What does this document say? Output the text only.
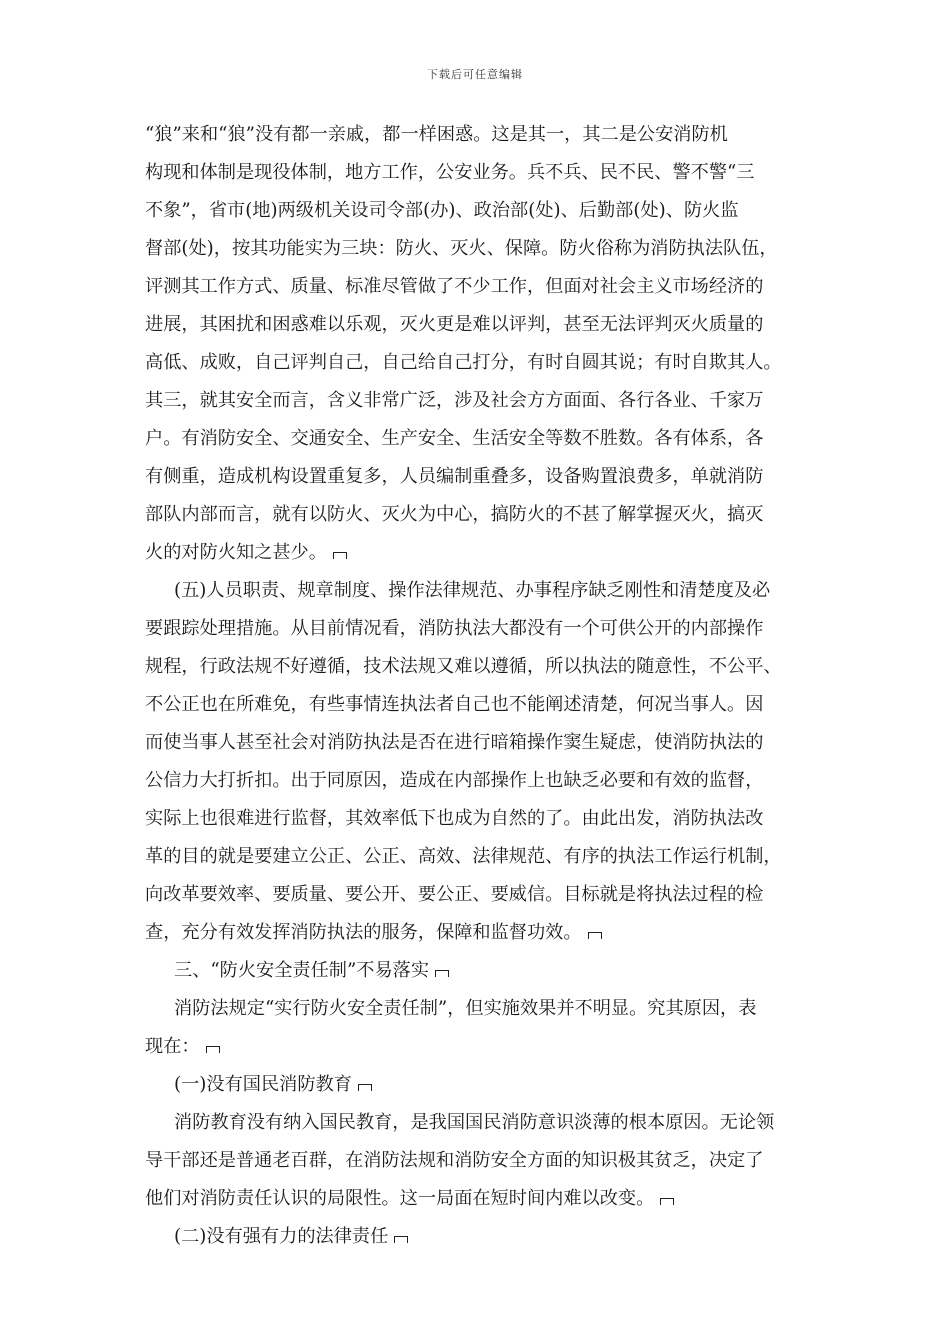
下载后可任意编辑
“狼”来和“狼”没有都一亲戚，都一样困惑。这是其一，其二是公安消防机
构现和体制是现役体制，地方工作，公安业务。兵不兵、民不民、警不警“三
不象”，省市(地)两级机关设司令部(办)、政治部(处)、后勤部(处)、防火监
督部(处)，按其功能实为三块：防火、灭火、保障。防火俗称为消防执法队伍，
评测其工作方式、质量、标准尽管做了不少工作，但面对社会主义市场经济的
进展，其困扰和困惑难以乐观，灭火更是难以评判，甚至无法评判灭火质量的
高低、成败，自己评判自己，自己给自己打分，有时自圆其说；有时自欺其人。
其三，就其安全而言，含义非常广泛，涉及社会方方面面、各行各业、千家万
户。有消防安全、交通安全、生产安全、生活安全等数不胜数。各有体系，各
有侧重，造成机构设置重复多，人员编制重叠多，设备购置浪费多，单就消防
部队内部而言，就有以防火、灭火为中心，搞防火的不甚了解掌握灭火，搞灭
火的对防火知之甚少。
(五)人员职责、规章制度、操作法律规范、办事程序缺乏刚性和清楚度及必
要跟踪处理措施。从目前情况看，消防执法大都没有一个可供公开的内部操作
规程，行政法规不好遵循，技术法规又难以遵循，所以执法的随意性，不公平、
不公正也在所难免，有些事情连执法者自己也不能阐述清楚，何况当事人。因
而使当事人甚至社会对消防执法是否在进行暗箱操作窦生疑虑，使消防执法的
公信力大打折扣。出于同原因，造成在内部操作上也缺乏必要和有效的监督，
实际上也很难进行监督，其效率低下也成为自然的了。由此出发，消防执法改
革的目的就是要建立公正、公正、高效、法律规范、有序的执法工作运行机制，
向改革要效率、要质量、要公开、要公正、要威信。目标就是将执法过程的检
查，充分有效发挥消防执法的服务，保障和监督功效。
三、“防火安全责任制”不易落实
消防法规定“实行防火安全责任制”，但实施效果并不明显。究其原因，表
现在：
(一)没有国民消防教育
消防教育没有纳入国民教育，是我国国民消防意识淡薄的根本原因。无论领
导干部还是普通老百群，在消防法规和消防安全方面的知识极其贫乏，决定了
他们对消防责任认识的局限性。这一局面在短时间内难以改变。
(二)没有强有力的法律责任
